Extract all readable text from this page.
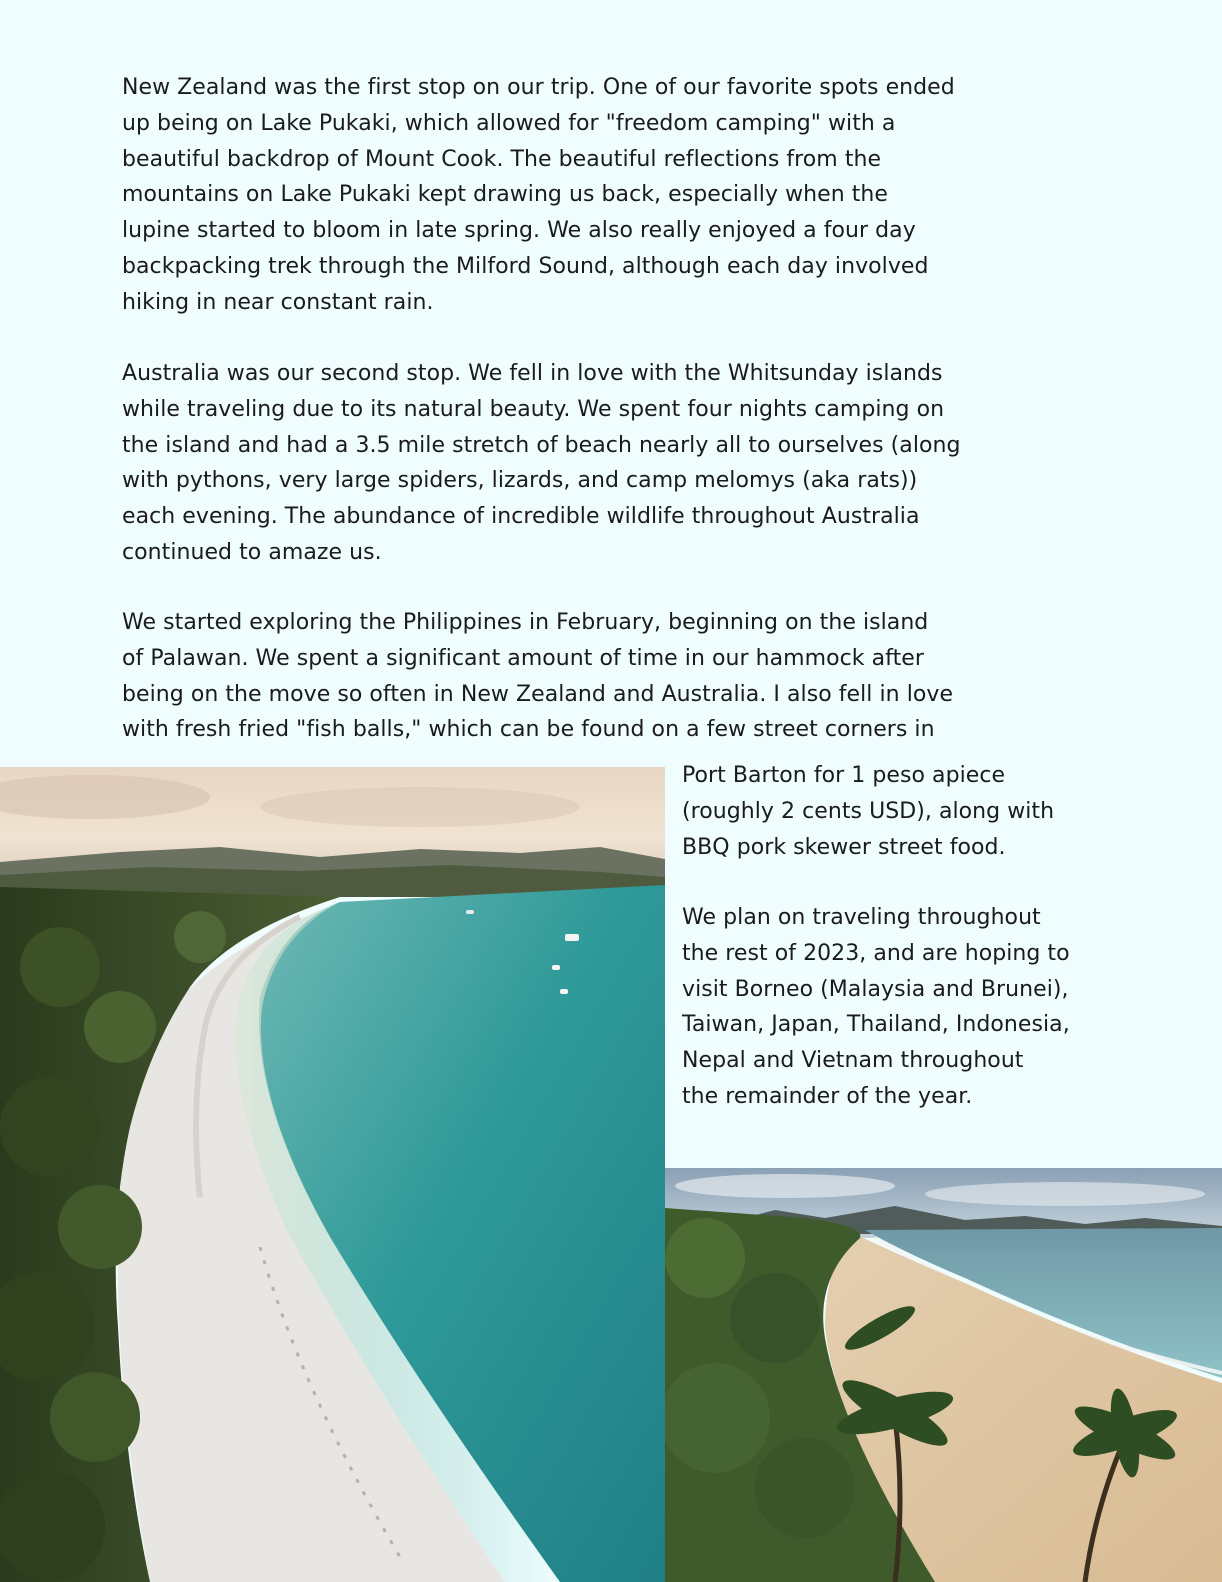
New Zealand was the first stop on our trip. One of our favorite spots ended
up being on Lake Pukaki, which allowed for "freedom camping" with a
beautiful backdrop of Mount Cook. The beautiful reflections from the
mountains on Lake Pukaki kept drawing us back, especially when the
lupine started to bloom in late spring. We also really enjoyed a four day
backpacking trek through the Milford Sound, although each day involved
hiking in near constant rain.

Australia was our second stop. We fell in love with the Whitsunday islands
while traveling due to its natural beauty. We spent four nights camping on
the island and had a 3.5 mile stretch of beach nearly all to ourselves (along
with pythons, very large spiders, lizards, and camp melomys (aka rats))
each evening. The abundance of incredible wildlife throughout Australia
continued to amaze us.

We started exploring the Philippines in February, beginning on the island
of Palawan. We spent a significant amount of time in our hammock after
being on the move so often in New Zealand and Australia. I also fell in love
with fresh fried "fish balls," which can be found on a few street corners in

Port Barton for 1 peso apiece
(roughly 2 cents USD), along with
BBQ pork skewer street food.

We plan on traveling throughout
the rest of 2023, and are hoping to
visit Borneo (Malaysia and Brunei),
Taiwan, Japan, Thailand, Indonesia,
Nepal and Vietnam throughout
the remainder of the year.
